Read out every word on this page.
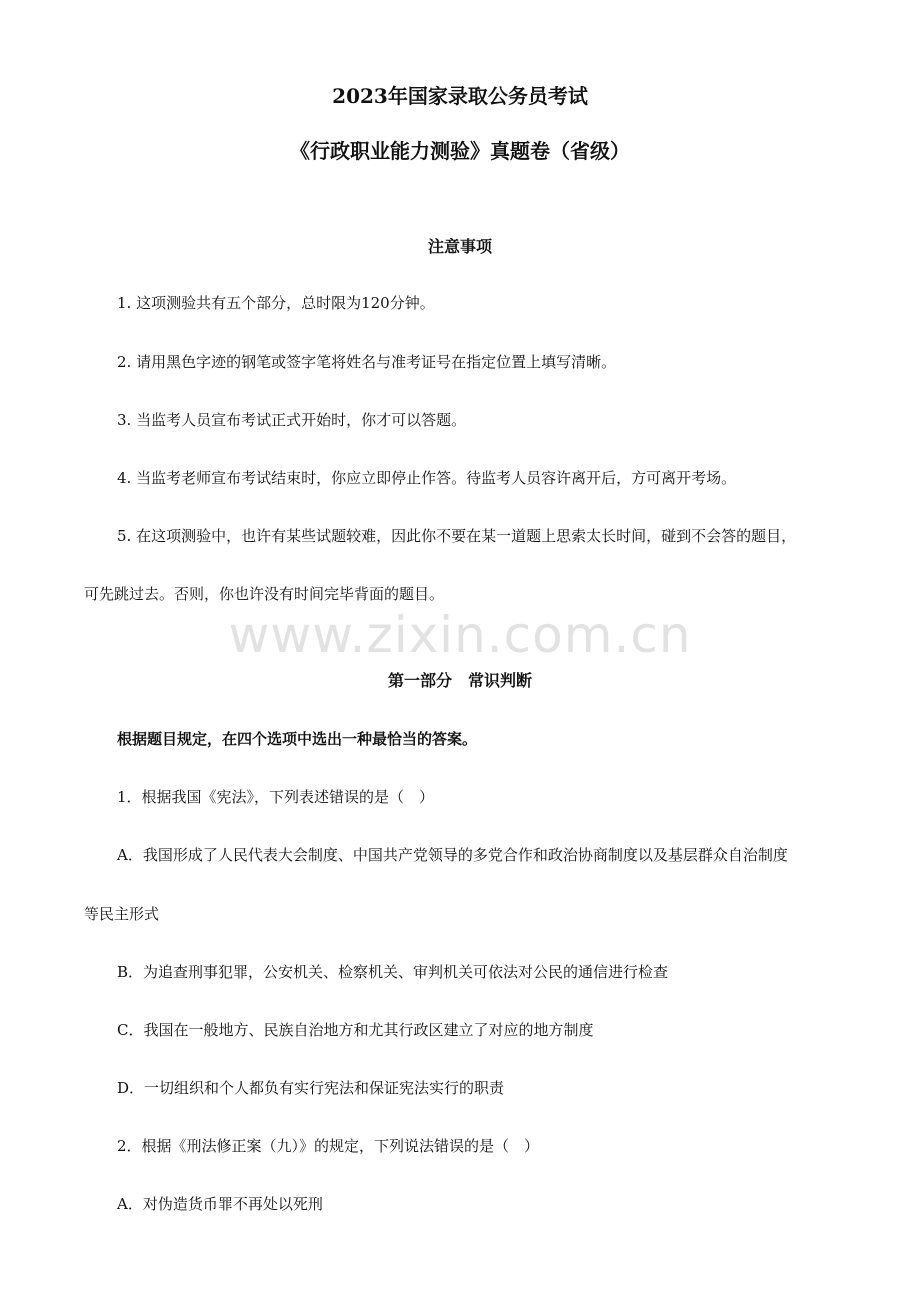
2023年国家录取公务员考试
《行政职业能力测验》真题卷（省级）
注意事项

1. 这项测验共有五个部分，总时限为120分钟。

2. 请用黑色字迹的钢笔或签字笔将姓名与准考证号在指定位置上填写清晰。

3. 当监考人员宣布考试正式开始时，你才可以答题。

4. 当监考老师宣布考试结束时，你应立即停止作答。待监考人员容许离开后，方可离开考场。

5. 在这项测验中，也许有某些试题较难，因此你不要在某一道题上思索太长时间，碰到不会答的题目，

可先跳过去。否则，你也许没有时间完毕背面的题目。

www.zixin.com.cn
第一部分　常识判断

根据题目规定，在四个选项中选出一种最恰当的答案。

1．根据我国《宪法》，下列表述错误的是（　）

A．我国形成了人民代表大会制度、中国共产党领导的多党合作和政治协商制度以及基层群众自治制度

等民主形式

B．为追查刑事犯罪，公安机关、检察机关、审判机关可依法对公民的通信进行检查

C．我国在一般地方、民族自治地方和尤其行政区建立了对应的地方制度

D．一切组织和个人都负有实行宪法和保证宪法实行的职责

2．根据《刑法修正案（九）》的规定，下列说法错误的是（　）

A．对伪造货币罪不再处以死刑
